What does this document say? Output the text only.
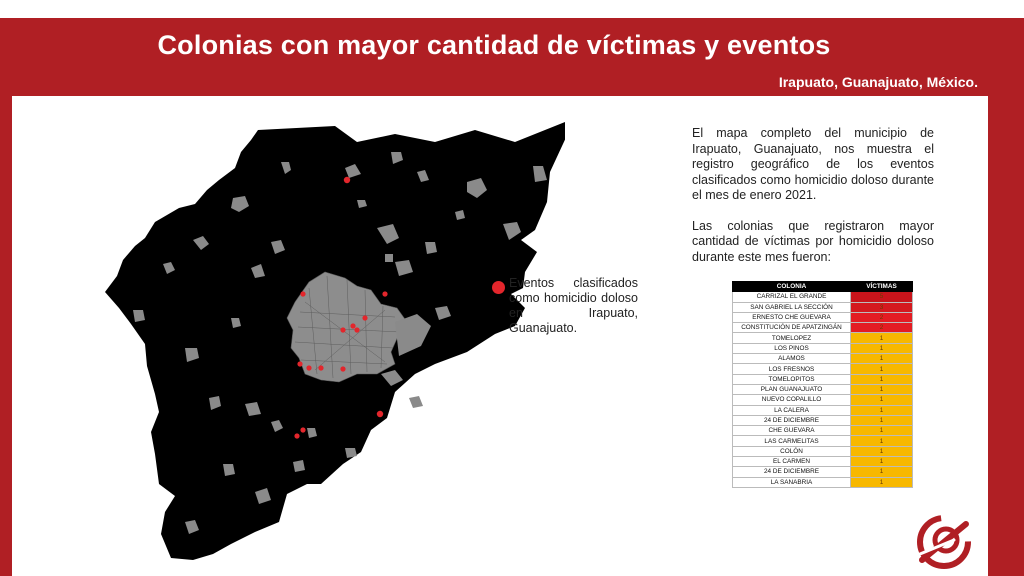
Colonias con mayor cantidad de víctimas y eventos
Irapuato, Guanajuato, México.
Eventos clasificados como homicidio doloso en Irapuato, Guanajuato.

El mapa completo del municipio de Irapuato, Guanajuato, nos muestra el registro geográfico de los eventos clasificados como homicidio doloso durante el mes de enero 2021.

Las colonias que registraron mayor cantidad de víctimas por homicidio doloso durante este mes fueron:

COLONIA	VÍCTIMAS
CARRIZAL EL GRANDE	5
SAN GABRIEL LA SECCIÓN	3
ERNESTO CHE GUEVARA	2
CONSTITUCIÓN DE APATZINGÁN	2
TOMELOPEZ	1
LOS PINOS	1
ALAMOS	1
LOS FRESNOS	1
TOMELOPITOS	1
PLAN GUANAJUATO	1
NUEVO COPALILLO	1
LA CALERA	1
24 DE DICIEMBRE	1
CHE GUEVARA	1
LAS CARMELITAS	1
COLÓN	1
EL CARMEN	1
24 DE DICIEMBRE	1
LA SANABRIA	1
